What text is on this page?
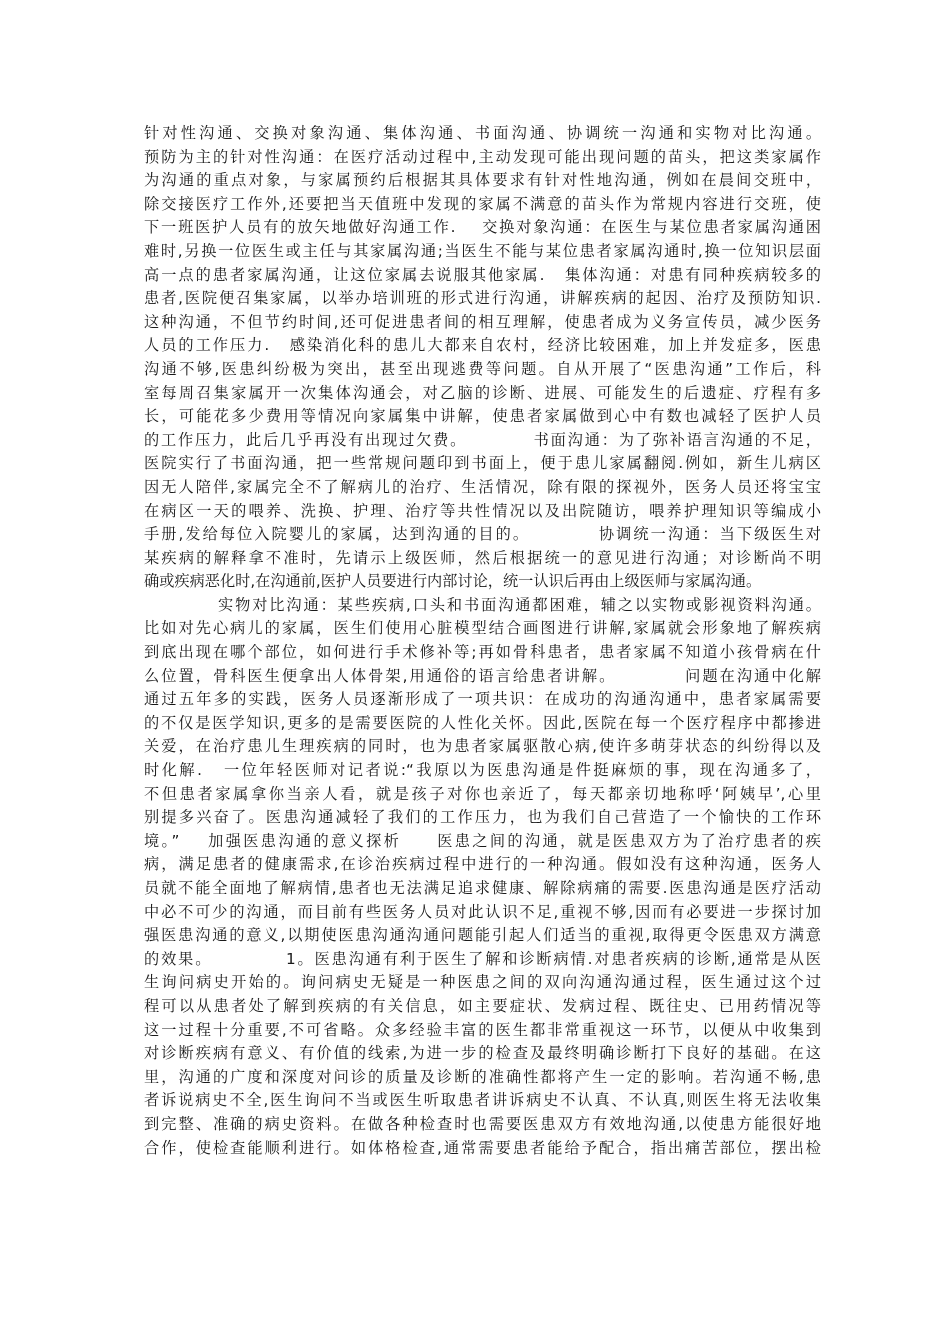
针对性沟通、交换对象沟通、集体沟通、书面沟通、协调统一沟通和实物对比沟通。
预防为主的针对性沟通：在医疗活动过程中,主动发现可能出现问题的苗头，把这类家属作
为沟通的重点对象，与家属预约后根据其具体要求有针对性地沟通，例如在晨间交班中，
除交接医疗工作外,还要把当天值班中发现的家属不满意的苗头作为常规内容进行交班，使
下一班医护人员有的放矢地做好沟通工作.    交换对象沟通：在医生与某位患者家属沟通困
难时,另换一位医生或主任与其家属沟通;当医生不能与某位患者家属沟通时,换一位知识层面
高一点的患者家属沟通，让这位家属去说服其他家属.   集体沟通：对患有同种疾病较多的
患者,医院便召集家属，以举办培训班的形式进行沟通，讲解疾病的起因、治疗及预防知识.
这种沟通，不但节约时间,还可促进患者间的相互理解，使患者成为义务宣传员，减少医务
人员的工作压力.   感染消化科的患儿大都来自农村，经济比较困难，加上并发症多，医患
沟通不够,医患纠纷极为突出，甚至出现逃费等问题。自从开展了“医患沟通”工作后，科
室每周召集家属开一次集体沟通会，对乙脑的诊断、进展、可能发生的后遗症、疗程有多
长，可能花多少费用等情况向家属集中讲解，使患者家属做到心中有数也减轻了医护人员
的工作压力，此后几乎再没有出现过欠费。          书面沟通：为了弥补语言沟通的不足，
医院实行了书面沟通，把一些常规问题印到书面上，便于患儿家属翻阅.例如，新生儿病区
因无人陪伴,家属完全不了解病儿的治疗、生活情况，除有限的探视外，医务人员还将宝宝
在病区一天的喂养、洗换、护理、治疗等共性情况以及出院随访，喂养护理知识等编成小
手册,发给每位入院婴儿的家属，达到沟通的目的。          协调统一沟通：当下级医生对
某疾病的解释拿不准时，先请示上级医师，然后根据统一的意见进行沟通；对诊断尚不明
确或疾病恶化时,在沟通前,医护人员要进行内部讨论，统一认识后再由上级医师与家属沟通。
实物对比沟通：某些疾病,口头和书面沟通都困难，辅之以实物或影视资料沟通。
比如对先心病儿的家属，医生们使用心脏模型结合画图进行讲解,家属就会形象地了解疾病
到底出现在哪个部位，如何进行手术修补等;再如骨科患者，患者家属不知道小孩骨病在什
么位置，骨科医生便拿出人体骨架,用通俗的语言给患者讲解。          问题在沟通中化解
通过五年多的实践，医务人员逐渐形成了一项共识：在成功的沟通沟通中，患者家属需要
的不仅是医学知识,更多的是需要医院的人性化关怀。因此,医院在每一个医疗程序中都掺进
关爱，在治疗患儿生理疾病的同时，也为患者家属驱散心病,使许多萌芽状态的纠纷得以及
时化解.   一位年轻医师对记者说:“我原以为医患沟通是件挺麻烦的事，现在沟通多了，
不但患者家属拿你当亲人看，就是孩子对你也亲近了，每天都亲切地称呼‘阿姨早’,心里
别提多兴奋了。医患沟通减轻了我们的工作压力，也为我们自己营造了一个愉快的工作环
境。”    加强医患沟通的意义探析     医患之间的沟通，就是医患双方为了治疗患者的疾
病，满足患者的健康需求,在诊治疾病过程中进行的一种沟通。假如没有这种沟通，医务人
员就不能全面地了解病情,患者也无法满足追求健康、解除病痛的需要.医患沟通是医疗活动
中必不可少的沟通，而目前有些医务人员对此认识不足,重视不够,因而有必要进一步探讨加
强医患沟通的意义,以期使医患沟通沟通问题能引起人们适当的重视,取得更令医患双方满意
的效果。           1。医患沟通有利于医生了解和诊断病情.对患者疾病的诊断,通常是从医
生询问病史开始的。询问病史无疑是一种医患之间的双向沟通沟通过程，医生通过这个过
程可以从患者处了解到疾病的有关信息，如主要症状、发病过程、既往史、已用药情况等
这一过程十分重要,不可省略。众多经验丰富的医生都非常重视这一环节，以便从中收集到
对诊断疾病有意义、有价值的线索,为进一步的检查及最终明确诊断打下良好的基础。在这
里，沟通的广度和深度对问诊的质量及诊断的准确性都将产生一定的影响。若沟通不畅,患
者诉说病史不全,医生询问不当或医生听取患者讲诉病史不认真、不认真,则医生将无法收集
到完整、准确的病史资料。在做各种检查时也需要医患双方有效地沟通,以使患方能很好地
合作，使检查能顺利进行。如体格检查,通常需要患者能给予配合，指出痛苦部位，摆出检
